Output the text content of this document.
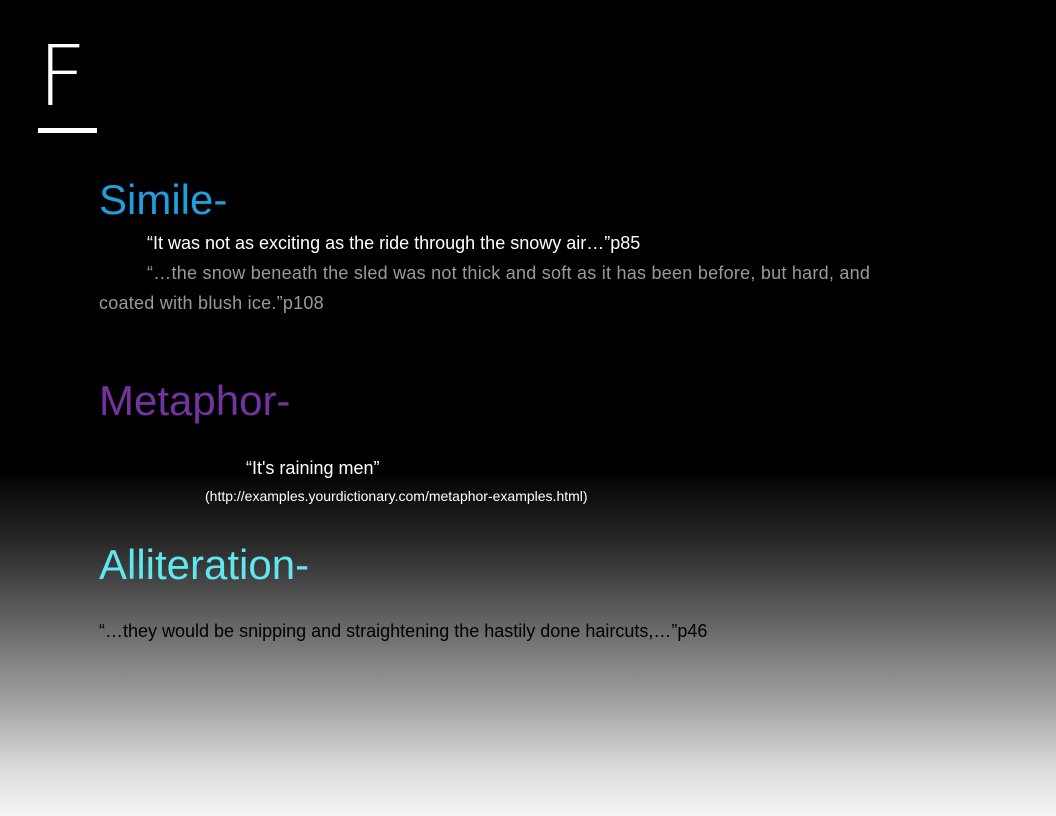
F
Simile-

“It was not as exciting as the ride through the snowy air…”p85

“…the snow beneath the sled was not thick and soft as it has been before, but hard, and coated with blush ice.”p108

Metaphor-

“It's raining men”

(http://examples.yourdictionary.com/metaphor-examples.html)

Alliteration-

“…they would be snipping and straightening the hastily done haircuts,…”p46
